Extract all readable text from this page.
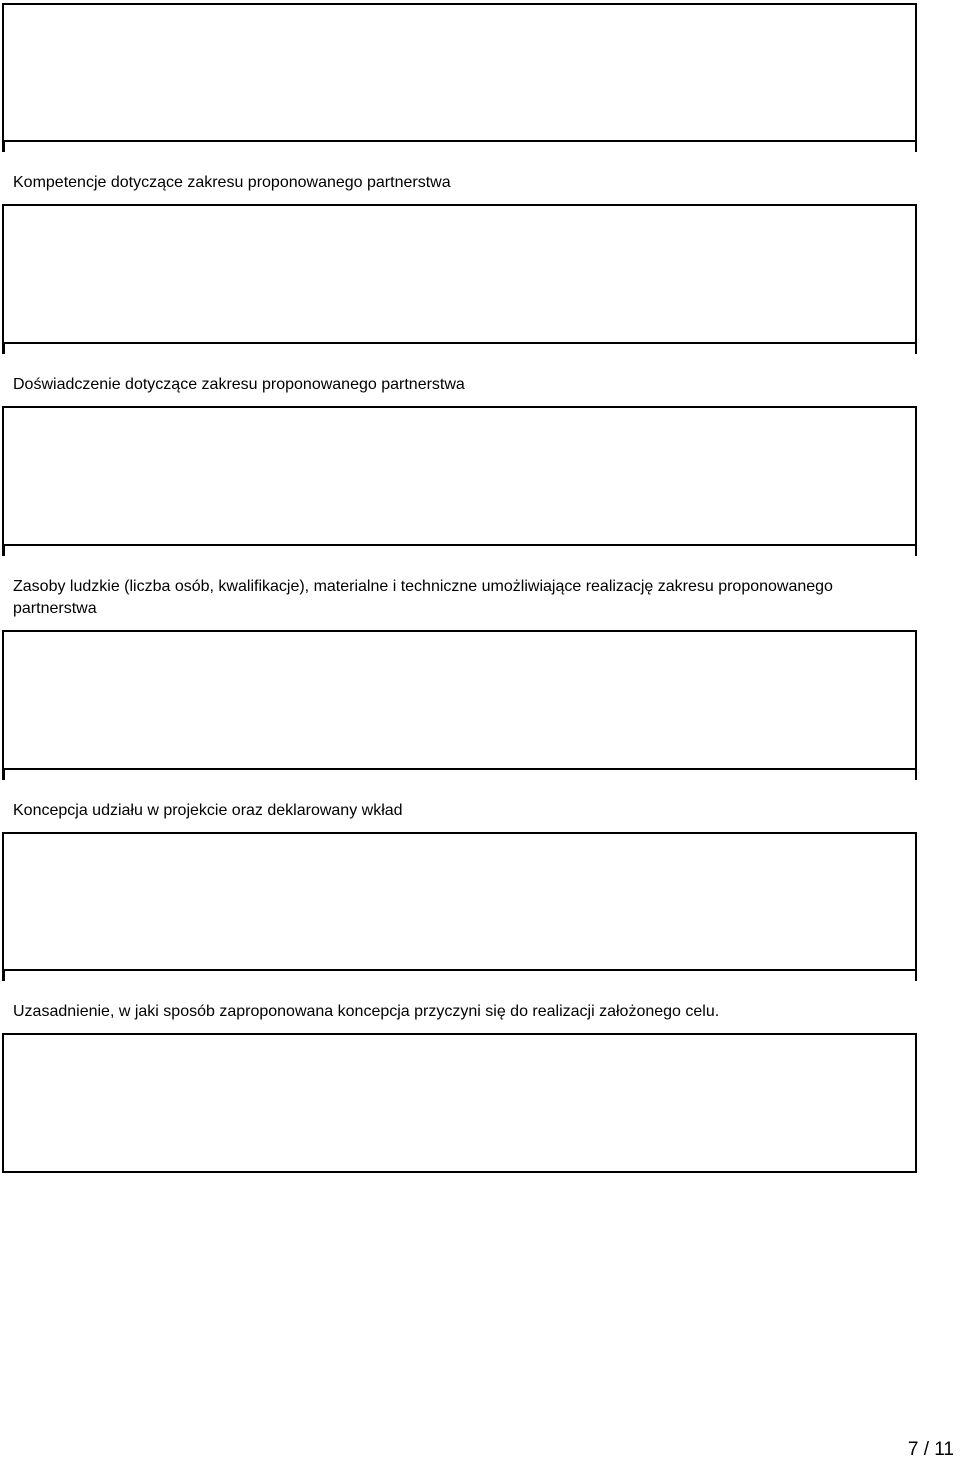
Kompetencje dotyczące zakresu proponowanego partnerstwa
Doświadczenie dotyczące zakresu proponowanego partnerstwa
Zasoby ludzkie (liczba osób, kwalifikacje), materialne i techniczne umożliwiające realizację zakresu proponowanego partnerstwa
Koncepcja udziału w projekcie oraz deklarowany wkład
Uzasadnienie, w jaki sposób zaproponowana koncepcja przyczyni się do realizacji założonego celu.
7 / 11
